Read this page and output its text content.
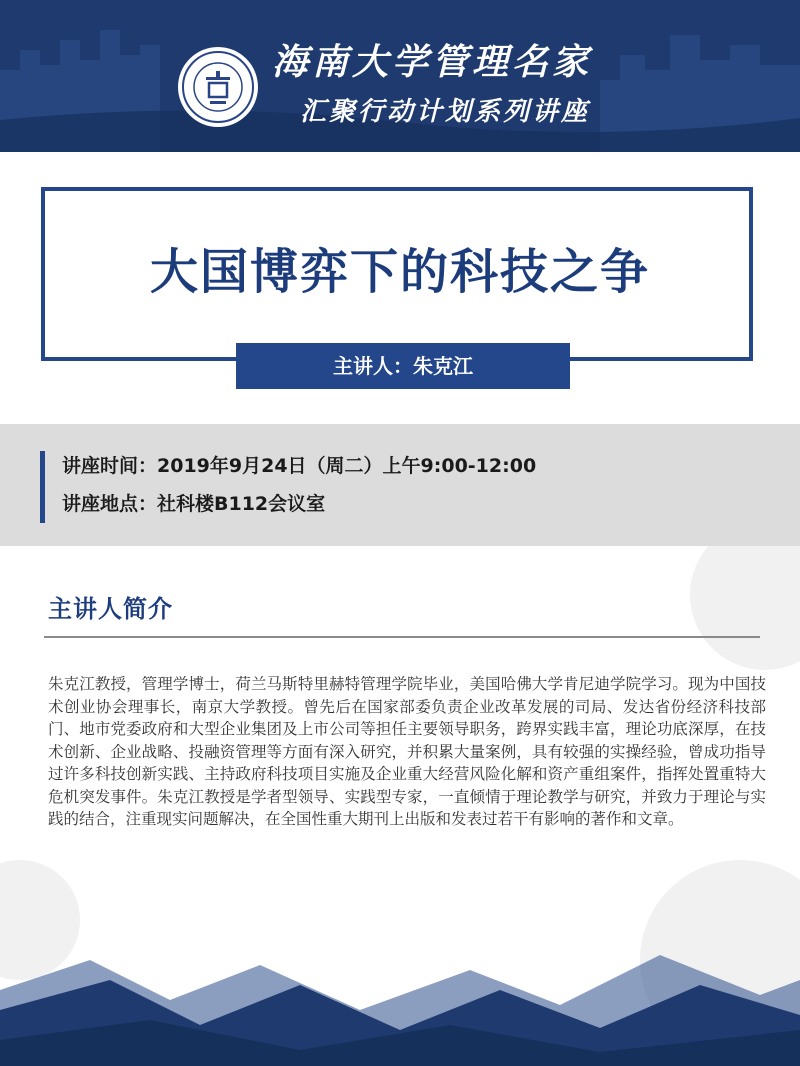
海南大学管理名家
汇聚行动计划系列讲座
大国博弈下的科技之争
主讲人：朱克江
讲座时间：2019年9月24日（周二）上午9:00-12:00
讲座地点：社科楼B112会议室
主讲人简介
朱克江教授，管理学博士，荷兰马斯特里赫特管理学院毕业，美国哈佛大学肯尼迪学院学习。现为中国技术创业协会理事长，南京大学教授。曾先后在国家部委负责企业改革发展的司局、发达省份经济科技部门、地市党委政府和大型企业集团及上市公司等担任主要领导职务，跨界实践丰富，理论功底深厚，在技术创新、企业战略、投融资管理等方面有深入研究，并积累大量案例，具有较强的实操经验，曾成功指导过许多科技创新实践、主持政府科技项目实施及企业重大经营风险化解和资产重组案件，指挥处置重特大危机突发事件。朱克江教授是学者型领导、实践型专家，一直倾情于理论教学与研究，并致力于理论与实践的结合，注重现实问题解决，在全国性重大期刊上出版和发表过若干有影响的著作和文章。
